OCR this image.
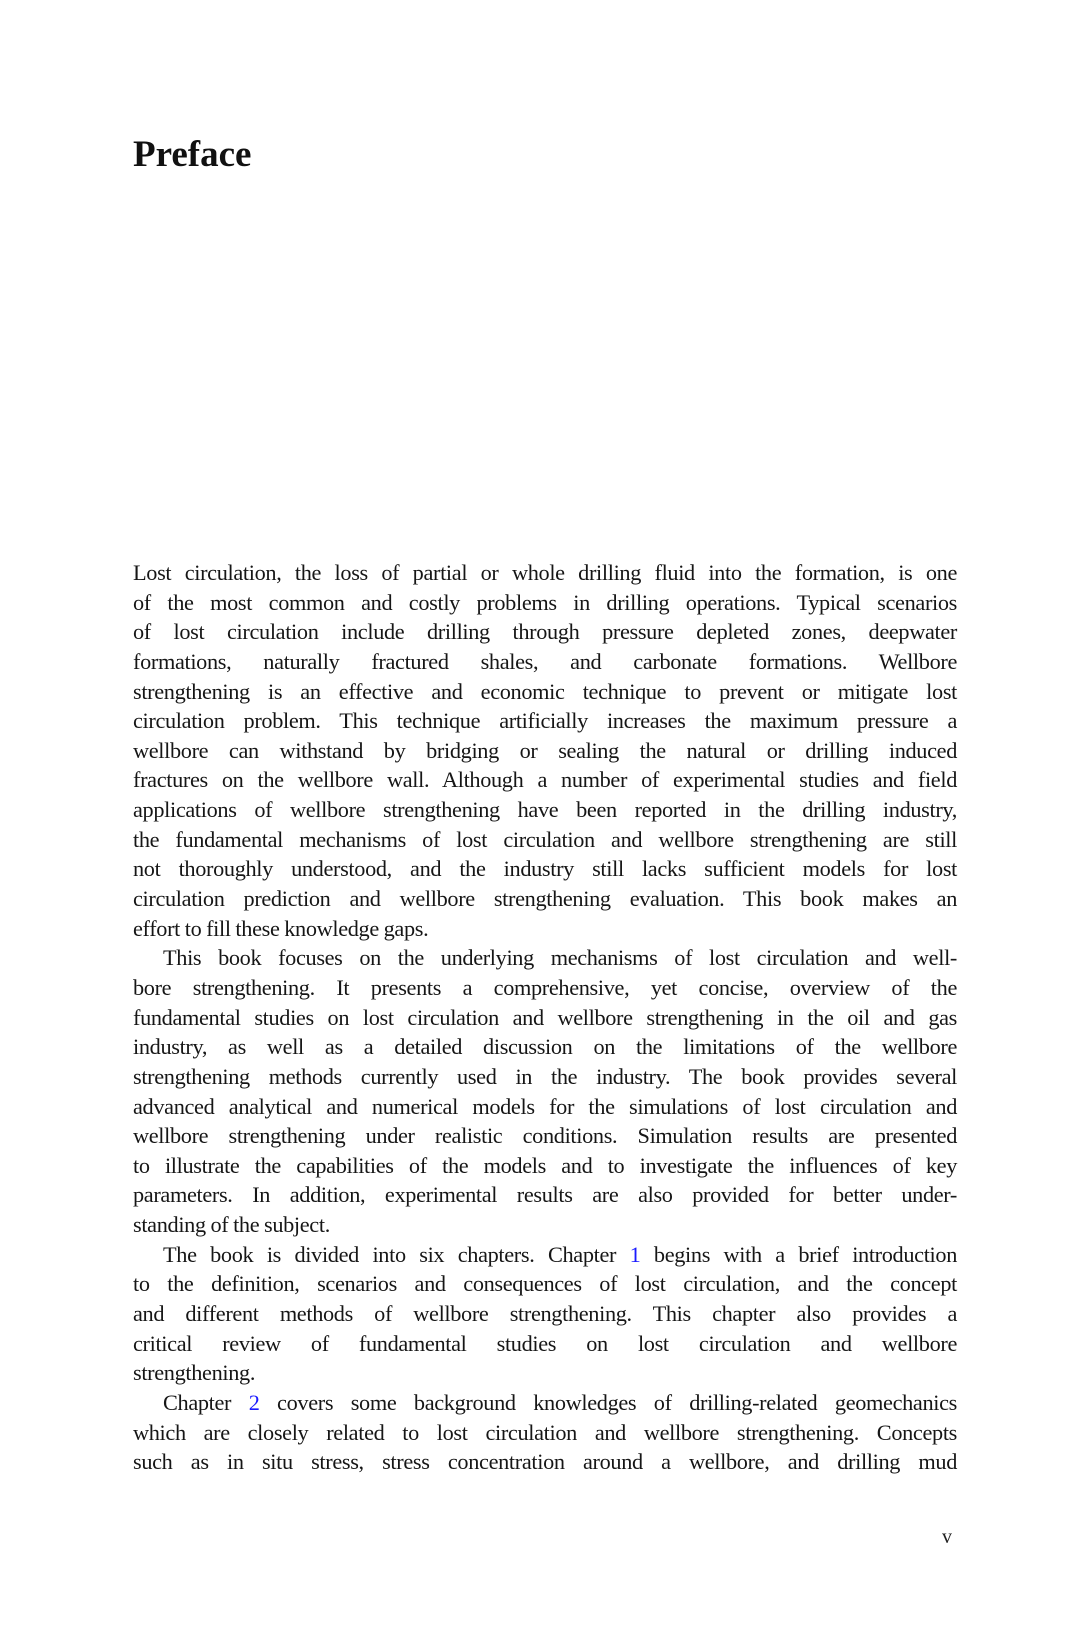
Preface
Lost circulation, the loss of partial or whole drilling fluid into the formation, is one
of the most common and costly problems in drilling operations. Typical scenarios
of lost circulation include drilling through pressure depleted zones, deepwater
formations, naturally fractured shales, and carbonate formations. Wellbore
strengthening is an effective and economic technique to prevent or mitigate lost
circulation problem. This technique artificially increases the maximum pressure a
wellbore can withstand by bridging or sealing the natural or drilling induced
fractures on the wellbore wall. Although a number of experimental studies and field
applications of wellbore strengthening have been reported in the drilling industry,
the fundamental mechanisms of lost circulation and wellbore strengthening are still
not thoroughly understood, and the industry still lacks sufficient models for lost
circulation prediction and wellbore strengthening evaluation. This book makes an
effort to fill these knowledge gaps.
This book focuses on the underlying mechanisms of lost circulation and well-
bore strengthening. It presents a comprehensive, yet concise, overview of the
fundamental studies on lost circulation and wellbore strengthening in the oil and gas
industry, as well as a detailed discussion on the limitations of the wellbore
strengthening methods currently used in the industry. The book provides several
advanced analytical and numerical models for the simulations of lost circulation and
wellbore strengthening under realistic conditions. Simulation results are presented
to illustrate the capabilities of the models and to investigate the influences of key
parameters. In addition, experimental results are also provided for better under-
standing of the subject.
The book is divided into six chapters. Chapter 1 begins with a brief introduction
to the definition, scenarios and consequences of lost circulation, and the concept
and different methods of wellbore strengthening. This chapter also provides a
critical review of fundamental studies on lost circulation and wellbore
strengthening.
Chapter 2 covers some background knowledges of drilling-related geomechanics
which are closely related to lost circulation and wellbore strengthening. Concepts
such as in situ stress, stress concentration around a wellbore, and drilling mud
v
